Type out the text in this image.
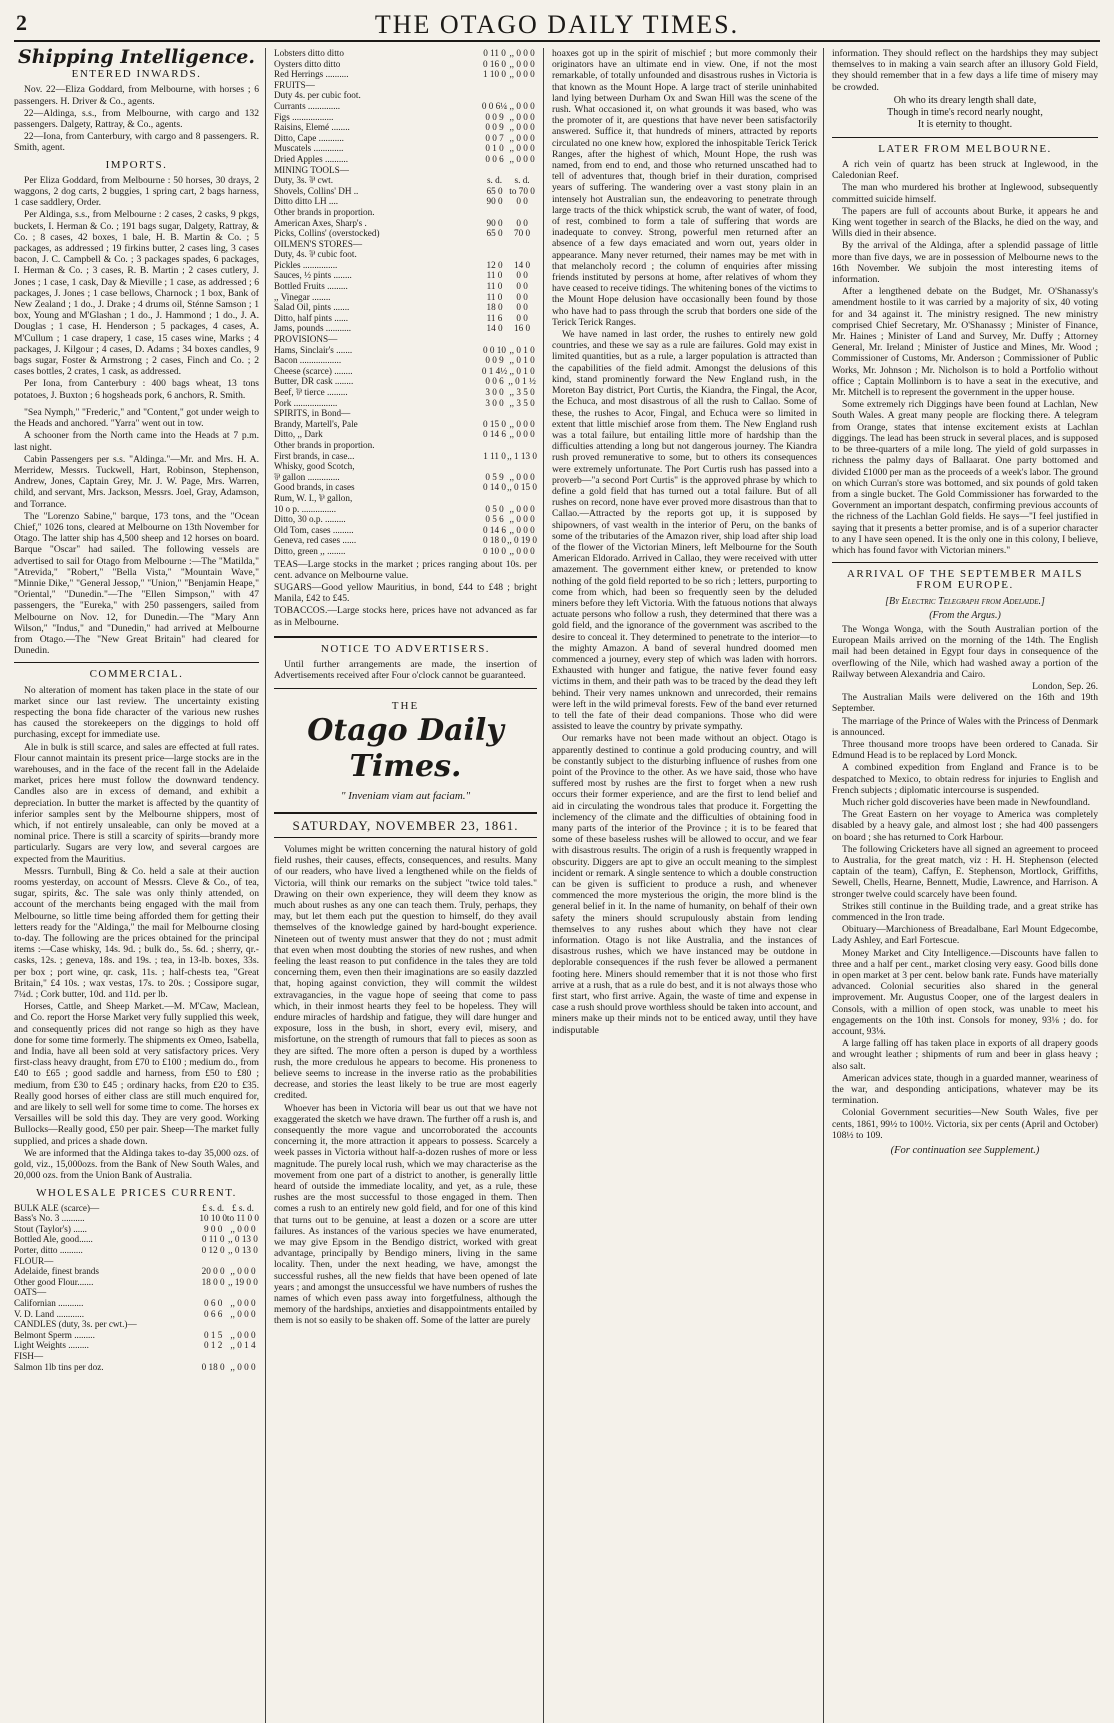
2	THE OTAGO DAILY TIMES.
Shipping Intelligence.
ENTERED INWARDS.

Nov. 22—Eliza Goddard, from Melbourne, with horses ; 6 passengers. H. Driver & Co., agents.

22—Aldinga, s.s., from Melbourne, with cargo and 132 passengers. Dalgety, Rattray, & Co., agents.

22—Iona, from Canterbury, with cargo and 8 passengers. R. Smith, agent.

IMPORTS.

Per Eliza Goddard, from Melbourne : 50 horses, 30 drays, 2 waggons, 2 dog carts, 2 buggies, 1 spring cart, 2 bags harness, 1 case saddlery, Order.

Per Aldinga, s.s., from Melbourne : 2 cases, 2 casks, 9 pkgs, buckets, I. Herman & Co. ; 191 bags sugar, Dalgety, Rattray, & Co. ; 8 cases, 42 boxes, 1 bale, H. B. Martin & Co. ; 5 packages, as addressed ; 19 firkins butter, 2 cases ling, 3 cases bacon, J. C. Campbell & Co. ; 3 packages spades, 6 packages, I. Herman & Co. ; 3 cases, R. B. Martin ; 2 cases cutlery, J. Jones ; 1 case, 1 cask, Day & Mieville ; 1 case, as addressed ; 6 packages, J. Jones ; 1 case bellows, Charnock ; 1 box, Bank of New Zealand ; 1 do., J. Drake ; 4 drums oil, Sténne Samson ; 1 box, Young and M'Glashan ; 1 do., J. Hammond ; 1 do., J. A. Douglas ; 1 case, H. Henderson ; 5 packages, 4 cases, A. M'Cullum ; 1 case drapery, 1 case, 15 cases wine, Marks ; 4 packages, J. Kilgour ; 4 cases, D. Adams ; 34 boxes candles, 9 bags sugar, Foster & Armstrong ; 2 cases, Finch and Co. ; 2 cases bottles, 2 crates, 1 cask, as addressed.

Per Iona, from Canterbury : 400 bags wheat, 13 tons potatoes, J. Buxton ; 6 hogsheads pork, 6 anchors, R. Smith.

"Sea Nymph," "Frederic," and "Content," got under weigh to the Heads and anchored. "Yarra" went out in tow.

A schooner from the North came into the Heads at 7 p.m. last night.

Cabin Passengers per s.s. "Aldinga."—Mr. and Mrs. H. A. Merridew, Messrs. Tuckwell, Hart, Robinson, Stephenson, Andrew, Jones, Captain Grey, Mr. J. W. Page, Mrs. Warren, child, and servant, Mrs. Jackson, Messrs. Joel, Gray, Adamson, and Torrance.

The "Lorenzo Sabine," barque, 173 tons, and the "Ocean Chief," 1026 tons, cleared at Melbourne on 13th November for Otago. The latter ship has 4,500 sheep and 12 horses on board. Barque "Oscar" had sailed. The following vessels are advertised to sail for Otago from Melbourne :—The "Matilda," "Atrevida," "Robert," "Bella Vista," "Mountain Wave," "Minnie Dike," "General Jessop," "Union," "Benjamin Heape," "Oriental," "Dunedin."—The "Ellen Simpson," with 47 passengers, the "Eureka," with 250 passengers, sailed from Melbourne on Nov. 12, for Dunedin.—The "Mary Ann Wilson," "Indus," and "Dunedin," had arrived at Melbourne from Otago.—The "New Great Britain" had cleared for Dunedin.

COMMERCIAL.

No alteration of moment has taken place in the state of our market since our last review. The uncertainty existing respecting the bona fide character of the various new rushes has caused the storekeepers on the diggings to hold off purchasing, except for immediate use.

Ale in bulk is still scarce, and sales are effected at full rates. Flour cannot maintain its present price—large stocks are in the warehouses, and in the face of the recent fall in the Adelaide market, prices here must follow the downward tendency. Candles also are in excess of demand, and exhibit a depreciation. In butter the market is affected by the quantity of inferior samples sent by the Melbourne shippers, most of which, if not entirely unsaleable, can only be moved at a nominal price. There is still a scarcity of spirits—brandy more particularly. Sugars are very low, and several cargoes are expected from the Mauritius.

Messrs. Turnbull, Bing & Co. held a sale at their auction rooms yesterday, on account of Messrs. Cleve & Co., of tea, sugar, spirits, &c. The sale was only thinly attended, on account of the merchants being engaged with the mail from Melbourne, so little time being afforded them for getting their letters ready for the "Aldinga," the mail for Melbourne closing to-day. The following are the prices obtained for the principal items :—Case whisky, 14s. 9d. ; bulk do., 5s. 6d. ; sherry, qr.-casks, 12s. ; geneva, 18s. and 19s. ; tea, in 13-lb. boxes, 33s. per box ; port wine, qr. cask, 11s. ; half-chests tea, "Great Britain," £4 10s. ; wax vestas, 17s. to 20s. ; Cossipore sugar, 7¼d. ; Cork butter, 10d. and 11d. per lb.

Horses, Cattle, and Sheep Market.—M. M'Caw, Maclean, and Co. report the Horse Market very fully supplied this week, and consequently prices did not range so high as they have done for some time formerly. The shipments ex Omeo, Isabella, and India, have all been sold at very satisfactory prices. Very first-class heavy draught, from £70 to £100 ; medium do., from £40 to £65 ; good saddle and harness, from £50 to £80 ; medium, from £30 to £45 ; ordinary hacks, from £20 to £35. Really good horses of either class are still much enquired for, and are likely to sell well for some time to come. The horses ex Versailles will be sold this day. They are very good. Working Bullocks—Really good, £50 per pair. Sheep—The market fully supplied, and prices a shade down.

We are informed that the Aldinga takes to-day 35,000 ozs. of gold, viz., 15,000ozs. from the Bank of New South Wales, and 20,000 ozs. from the Union Bank of Australia.

WHOLESALE PRICES CURRENT.
BULK ALE (scarce)—	£ s. d.	£ s. d.
Bass's No. 3 ..........	10 10 0	to 11 0 0
Stout (Taylor's) ......	9 0 0	,, 0 0 0
Bottled Ale, good......	0 11 0	,, 0 13 0
Porter, ditto ..........	0 12 0	,, 0 13 0
FLOUR—		
Adelaide, finest brands	20 0 0	,, 0 0 0
Other good Flour.......	18 0 0	,, 19 0 0
OATS—		
Californian ...........	0 6 0	,, 0 0 0
V. D. Land ............	0 6 6	,, 0 0 0
CANDLES (duty, 3s. per cwt.)—		
Belmont Sperm .........	0 1 5	,, 0 0 0
Light Weights .........	0 1 2	,, 0 1 4
FISH—		
Salmon 1lb tins per doz.	0 18 0	,, 0 0 0
Lobsters ditto ditto	0 11 0	,, 0 0 0
Oysters ditto ditto	0 16 0	,, 0 0 0
Red Herrings ..........	1 10 0	,, 0 0 0
FRUITS—		
Duty 4s. per cubic foot.		
Currants ..............	0 0 6¼	,, 0 0 0
Figs ..................	0 0 9	,, 0 0 0
Raisins, Elemé ........	0 0 9	,, 0 0 0
Ditto, Cape ...........	0 0 7	,, 0 0 0
Muscatels .............	0 1 0	,, 0 0 0
Dried Apples ..........	0 0 6	,, 0 0 0
MINING TOOLS—		
Duty, 3s. ⅌ cwt.	s. d.	s. d.
Shovels, Collins' DH ..	65 0	to 70 0
Ditto ditto LH ....	90 0	0 0
Other brands in proportion.		
American Axes, Sharp's .	90 0	0 0
Picks, Collins' (overstocked)	65 0	70 0
OILMEN'S STORES—		
Duty, 4s. ⅌ cubic foot.		
Pickles ...............	12 0	14 0
Sauces, ½ pints ........	11 0	0 0
Bottled Fruits .........	11 0	0 0
,, Vinegar ........	11 0	0 0
Salad Oil, pints .......	18 0	0 0
Ditto, half pints ......	11 6	0 0
Jams, pounds ...........	14 0	16 0
PROVISIONS—		
Hams, Sinclair's .......	0 0 10	,, 0 1 0
Bacon ..................	0 0 9	,, 0 1 0
Cheese (scarce) ........	0 1 4½	,, 0 1 0
Butter, DR cask ........	0 0 6	,, 0 1 ½
Beef, ⅌ tierce .........	3 0 0	,, 3 5 0
Pork ...................	3 0 0	,, 3 5 0
SPIRITS, in Bond—		
Brandy, Martell's, Pale	0 15 0	,, 0 0 0
Ditto, ,, Dark	0 14 6	,, 0 0 0
Other brands in proportion.		
First brands, in case...	1 11 0	,, 1 13 0
Whisky, good Scotch,		
⅌ gallon ..............	0 5 9	,, 0 0 0
Good brands, in cases	0 14 0	,, 0 15 0
Rum, W. I., ⅌ gallon,		
10 o p. ...............	0 5 0	,, 0 0 0
Ditto, 30 o.p. .........	0 5 6	,, 0 0 0
Old Tom, cases .........	0 14 6	,, 0 0 0
Geneva, red cases ......	0 18 0	,, 0 19 0
Ditto, green ,, ........	0 10 0	,, 0 0 0

TEAS—Large stocks in the market ; prices ranging about 10s. per cent. advance on Melbourne value.

SUGARS—Good yellow Mauritius, in bond, £44 to £48 ; bright Manila, £42 to £45.

TOBACCOS.—Large stocks here, prices have not advanced as far as in Melbourne.

NOTICE TO ADVERTISERS.

Until further arrangements are made, the insertion of Advertisements received after Four o'clock cannot be guaranteed.

THE
Otago Daily Times.
" Inveniam viam aut faciam."
SATURDAY, NOVEMBER 23, 1861.

Volumes might be written concerning the natural history of gold field rushes, their causes, effects, consequences, and results. Many of our readers, who have lived a lengthened while on the fields of Victoria, will think our remarks on the subject "twice told tales." Drawing on their own experience, they will deem they know as much about rushes as any one can teach them. Truly, perhaps, they may, but let them each put the question to himself, do they avail themselves of the knowledge gained by hard-bought experience. Nineteen out of twenty must answer that they do not ; must admit that even when most doubting the stories of new rushes, and when feeling the least reason to put confidence in the tales they are told concerning them, even then their imaginations are so easily dazzled that, hoping against conviction, they will commit the wildest extravagancies, in the vague hope of seeing that come to pass which, in their inmost hearts they feel to be hopeless. They will endure miracles of hardship and fatigue, they will dare hunger and exposure, loss in the bush, in short, every evil, misery, and misfortune, on the strength of rumours that fall to pieces as soon as they are sifted. The more often a person is duped by a worthless rush, the more credulous he appears to become. His proneness to believe seems to increase in the inverse ratio as the probabilities decrease, and stories the least likely to be true are most eagerly credited.

Whoever has been in Victoria will bear us out that we have not exaggerated the sketch we have drawn. The further off a rush is, and consequently the more vague and uncorroborated the accounts concerning it, the more attraction it appears to possess. Scarcely a week passes in Victoria without half-a-dozen rushes of more or less magnitude. The purely local rush, which we may characterise as the movement from one part of a district to another, is generally little heard of outside the immediate locality, and yet, as a rule, these rushes are the most successful to those engaged in them. Then comes a rush to an entirely new gold field, and for one of this kind that turns out to be genuine, at least a dozen or a score are utter failures. As instances of the various species we have enumerated, we may give Epsom in the Bendigo district, worked with great advantage, principally by Bendigo miners, living in the same locality. Then, under the next heading, we have, amongst the successful rushes, all the new fields that have been opened of late years ; and amongst the unsuccessful we have numbers of rushes the names of which even pass away into forgetfulness, although the memory of the hardships, anxieties and disappointments entailed by them is not so easily to be shaken off. Some of the latter are purely

hoaxes got up in the spirit of mischief ; but more commonly their originators have an ultimate end in view. One, if not the most remarkable, of totally unfounded and disastrous rushes in Victoria is that known as the Mount Hope. A large tract of sterile uninhabited land lying between Durham Ox and Swan Hill was the scene of the rush. What occasioned it, on what grounds it was based, who was the promoter of it, are questions that have never been satisfactorily answered. Suffice it, that hundreds of miners, attracted by reports circulated no one knew how, explored the inhospitable Terick Terick Ranges, after the highest of which, Mount Hope, the rush was named, from end to end, and those who returned unscathed had to tell of adventures that, though brief in their duration, comprised years of suffering. The wandering over a vast stony plain in an intensely hot Australian sun, the endeavoring to penetrate through large tracts of the thick whipstick scrub, the want of water, of food, of rest, combined to form a tale of suffering that words are inadequate to convey. Strong, powerful men returned after an absence of a few days emaciated and worn out, years older in appearance. Many never returned, their names may be met with in that melancholy record ; the column of enquiries after missing friends instituted by persons at home, after relatives of whom they have ceased to receive tidings. The whitening bones of the victims to the Mount Hope delusion have occasionally been found by those who have had to pass through the scrub that borders one side of the Terick Terick Ranges.

We have named in last order, the rushes to entirely new gold countries, and these we say as a rule are failures. Gold may exist in limited quantities, but as a rule, a larger population is attracted than the capabilities of the field admit. Amongst the delusions of this kind, stand prominently forward the New England rush, in the Moreton Bay district, Port Curtis, the Kiandra, the Fingal, the Acor, the Echuca, and most disastrous of all the rush to Callao. Some of these, the rushes to Acor, Fingal, and Echuca were so limited in extent that little mischief arose from them. The New England rush was a total failure, but entailing little more of hardship than the difficulties attending a long but not dangerous journey. The Kiandra rush proved remunerative to some, but to others its consequences were extremely unfortunate. The Port Curtis rush has passed into a proverb—"a second Port Curtis" is the approved phrase by which to define a gold field that has turned out a total failure. But of all rushes on record, none have ever proved more disastrous than that to Callao.—Attracted by the reports got up, it is supposed by shipowners, of vast wealth in the interior of Peru, on the banks of some of the tributaries of the Amazon river, ship load after ship load of the flower of the Victorian Miners, left Melbourne for the South American Eldorado. Arrived in Callao, they were received with utter amazement. The government either knew, or pretended to know nothing of the gold field reported to be so rich ; letters, purporting to come from which, had been so frequently seen by the deluded miners before they left Victoria. With the fatuous notions that always actuate persons who follow a rush, they determined that there was a gold field, and the ignorance of the government was ascribed to the desire to conceal it. They determined to penetrate to the interior—to the mighty Amazon. A band of several hundred doomed men commenced a journey, every step of which was laden with horrors. Exhausted with hunger and fatigue, the native fever found easy victims in them, and their path was to be traced by the dead they left behind. Their very names unknown and unrecorded, their remains were left in the wild primeval forests. Few of the band ever returned to tell the fate of their dead companions. Those who did were assisted to leave the country by private sympathy.

Our remarks have not been made without an object. Otago is apparently destined to continue a gold producing country, and will be constantly subject to the disturbing influence of rushes from one point of the Province to the other. As we have said, those who have suffered most by rushes are the first to forget when a new rush occurs their former experience, and are the first to lend belief and aid in circulating the wondrous tales that produce it. Forgetting the inclemency of the climate and the difficulties of obtaining food in many parts of the interior of the Province ; it is to be feared that some of these baseless rushes will be allowed to occur, and we fear with disastrous results. The origin of a rush is frequently wrapped in obscurity. Diggers are apt to give an occult meaning to the simplest incident or remark. A single sentence to which a double construction can be given is sufficient to produce a rush, and whenever commenced the more mysterious the origin, the more blind is the general belief in it. In the name of humanity, on behalf of their own safety the miners should scrupulously abstain from lending themselves to any rushes about which they have not clear information. Otago is not like Australia, and the instances of disastrous rushes, which we have instanced may be outdone in deplorable consequences if the rush fever be allowed a permanent footing here. Miners should remember that it is not those who first arrive at a rush, that as a rule do best, and it is not always those who first start, who first arrive. Again, the waste of time and expense in case a rush should prove worthless should be taken into account, and miners make up their minds not to be enticed away, until they have indisputable

information. They should reflect on the hardships they may subject themselves to in making a vain search after an illusory Gold Field, they should remember that in a few days a life time of misery may be crowded.

Oh who its dreary length shall date,
Though in time's record nearly nought,
It is eternity to thought.
LATER FROM MELBOURNE.

A rich vein of quartz has been struck at Inglewood, in the Caledonian Reef.

The man who murdered his brother at Inglewood, subsequently committed suicide himself.

The papers are full of accounts about Burke, it appears he and King went together in search of the Blacks, he died on the way, and Wills died in their absence.

By the arrival of the Aldinga, after a splendid passage of little more than five days, we are in possession of Melbourne news to the 16th November. We subjoin the most interesting items of information.

After a lengthened debate on the Budget, Mr. O'Shanassy's amendment hostile to it was carried by a majority of six, 40 voting for and 34 against it. The ministry resigned. The new ministry comprised Chief Secretary, Mr. O'Shanassy ; Minister of Finance, Mr. Haines ; Minister of Land and Survey, Mr. Duffy ; Attorney General, Mr. Ireland ; Minister of Justice and Mines, Mr. Wood ; Commissioner of Customs, Mr. Anderson ; Commissioner of Public Works, Mr. Johnson ; Mr. Nicholson is to hold a Portfolio without office ; Captain Mollinborn is to have a seat in the executive, and Mr. Mitchell is to represent the government in the upper house.

Some extremely rich Diggings have been found at Lachlan, New South Wales. A great many people are flocking there. A telegram from Orange, states that intense excitement exists at Lachlan diggings. The lead has been struck in several places, and is supposed to be three-quarters of a mile long. The yield of gold surpasses in richness the palmy days of Ballaarat. One party bottomed and divided £1000 per man as the proceeds of a week's labor. The ground on which Curran's store was bottomed, and six pounds of gold taken from a single bucket. The Gold Commissioner has forwarded to the Government an important despatch, confirming previous accounts of the richness of the Lachlan Gold fields. He says—"I feel justified in saying that it presents a better promise, and is of a superior character to any I have seen opened. It is the only one in this colony, I believe, which has found favor with Victorian miners."

ARRIVAL OF THE SEPTEMBER MAILS FROM EUROPE.
[By Electric Telegraph from Adelaide.]
(From the Argus.)

The Wonga Wonga, with the South Australian portion of the European Mails arrived on the morning of the 14th. The English mail had been detained in Egypt four days in consequence of the overflowing of the Nile, which had washed away a portion of the Railway between Alexandria and Cairo.

London, Sep. 26.

The Australian Mails were delivered on the 16th and 19th September.

The marriage of the Prince of Wales with the Princess of Denmark is announced.

Three thousand more troops have been ordered to Canada. Sir Edmund Head is to be replaced by Lord Monck.

A combined expedition from England and France is to be despatched to Mexico, to obtain redress for injuries to English and French subjects ; diplomatic intercourse is suspended.

Much richer gold discoveries have been made in Newfoundland.

The Great Eastern on her voyage to America was completely disabled by a heavy gale, and almost lost ; she had 400 passengers on board ; she has returned to Cork Harbour.

The following Cricketers have all signed an agreement to proceed to Australia, for the great match, viz : H. H. Stephenson (elected captain of the team), Caffyn, E. Stephenson, Mortlock, Griffiths, Sewell, Chells, Hearne, Bennett, Mudie, Lawrence, and Harrison. A stronger twelve could scarcely have been found.

Strikes still continue in the Building trade, and a great strike has commenced in the Iron trade.

Obituary—Marchioness of Breadalbane, Earl Mount Edgecombe, Lady Ashley, and Earl Fortescue.

Money Market and City Intelligence.—Discounts have fallen to three and a half per cent., market closing very easy. Good bills done in open market at 3 per cent. below bank rate. Funds have materially advanced. Colonial securities also shared in the general improvement. Mr. Augustus Cooper, one of the largest dealers in Consols, with a million of open stock, was unable to meet his engagements on the 10th inst. Consols for money, 93⅛ ; do. for account, 93⅛.

A large falling off has taken place in exports of all drapery goods and wrought leather ; shipments of rum and beer in glass heavy ; also salt.

American advices state, though in a guarded manner, weariness of the war, and desponding anticipations, whatever may be its termination.

Colonial Government securities—New South Wales, five per cents, 1861, 99½ to 100½. Victoria, six per cents (April and October) 108½ to 109.

(For continuation see Supplement.)
